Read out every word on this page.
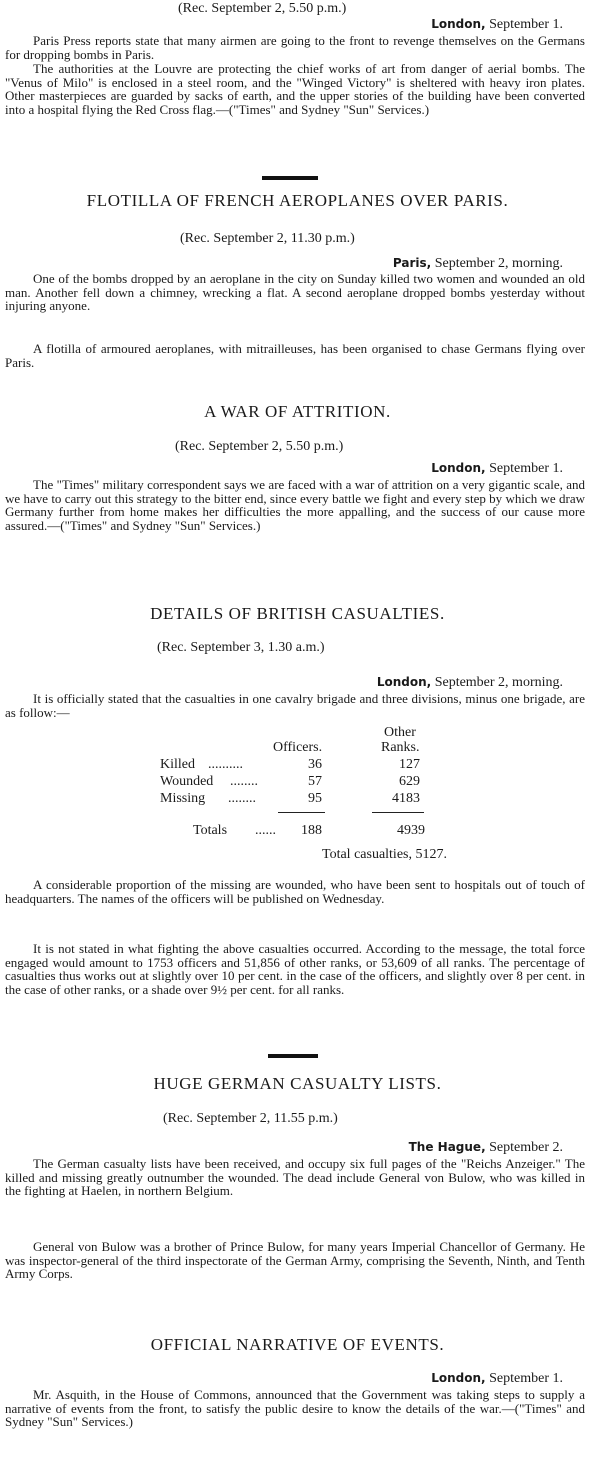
(Rec. September 2, 5.50 p.m.)
London, September 1.
Paris Press reports state that many airmen are going to the front to revenge themselves on the Germans for dropping bombs in Paris.
The authorities at the Louvre are protecting the chief works of art from danger of aerial bombs. The "Venus of Milo" is enclosed in a steel room, and the "Winged Victory" is sheltered with heavy iron plates. Other masterpieces are guarded by sacks of earth, and the upper stories of the building have been converted into a hospital flying the Red Cross flag.—("Times" and Sydney "Sun" Services.)
FLOTILLA OF FRENCH AEROPLANES OVER PARIS.
(Rec. September 2, 11.30 p.m.)
Paris, September 2, morning.
One of the bombs dropped by an aeroplane in the city on Sunday killed two women and wounded an old man. Another fell down a chimney, wrecking a flat. A second aeroplane dropped bombs yesterday without injuring anyone.
A flotilla of armoured aeroplanes, with mitrailleuses, has been organised to chase Germans flying over Paris.
A WAR OF ATTRITION.
(Rec. September 2, 5.50 p.m.)
London, September 1.
The "Times" military correspondent says we are faced with a war of attrition on a very gigantic scale, and we have to carry out this strategy to the bitter end, since every battle we fight and every step by which we draw Germany further from home makes her difficulties the more appalling, and the success of our cause more assured.—("Times" and Sydney "Sun" Services.)
DETAILS OF BRITISH CASUALTIES.
(Rec. September 3, 1.30 a.m.)
London, September 2, morning.
It is officially stated that the casualties in one cavalry brigade and three divisions, minus one brigade, are as follow:—
Other
Officers.	Ranks.
Killed ..........	36	127
Wounded ........	57	629
Missing ........	95	4183
Totals ......	188	4939
Total casualties, 5127.
A considerable proportion of the missing are wounded, who have been sent to hospitals out of touch of headquarters. The names of the officers will be published on Wednesday.
It is not stated in what fighting the above casualties occurred. According to the message, the total force engaged would amount to 1753 officers and 51,856 of other ranks, or 53,609 of all ranks. The percentage of casualties thus works out at slightly over 10 per cent. in the case of the officers, and slightly over 8 per cent. in the case of other ranks, or a shade over 9½ per cent. for all ranks.
HUGE GERMAN CASUALTY LISTS.
(Rec. September 2, 11.55 p.m.)
The Hague, September 2.
The German casualty lists have been received, and occupy six full pages of the "Reichs Anzeiger." The killed and missing greatly outnumber the wounded. The dead include General von Bulow, who was killed in the fighting at Haelen, in northern Belgium.
General von Bulow was a brother of Prince Bulow, for many years Imperial Chancellor of Germany. He was inspector-general of the third inspectorate of the German Army, comprising the Seventh, Ninth, and Tenth Army Corps.
OFFICIAL NARRATIVE OF EVENTS.
London, September 1.
Mr. Asquith, in the House of Commons, announced that the Government was taking steps to supply a narrative of events from the front, to satisfy the public desire to know the details of the war.—("Times" and Sydney "Sun" Services.)
